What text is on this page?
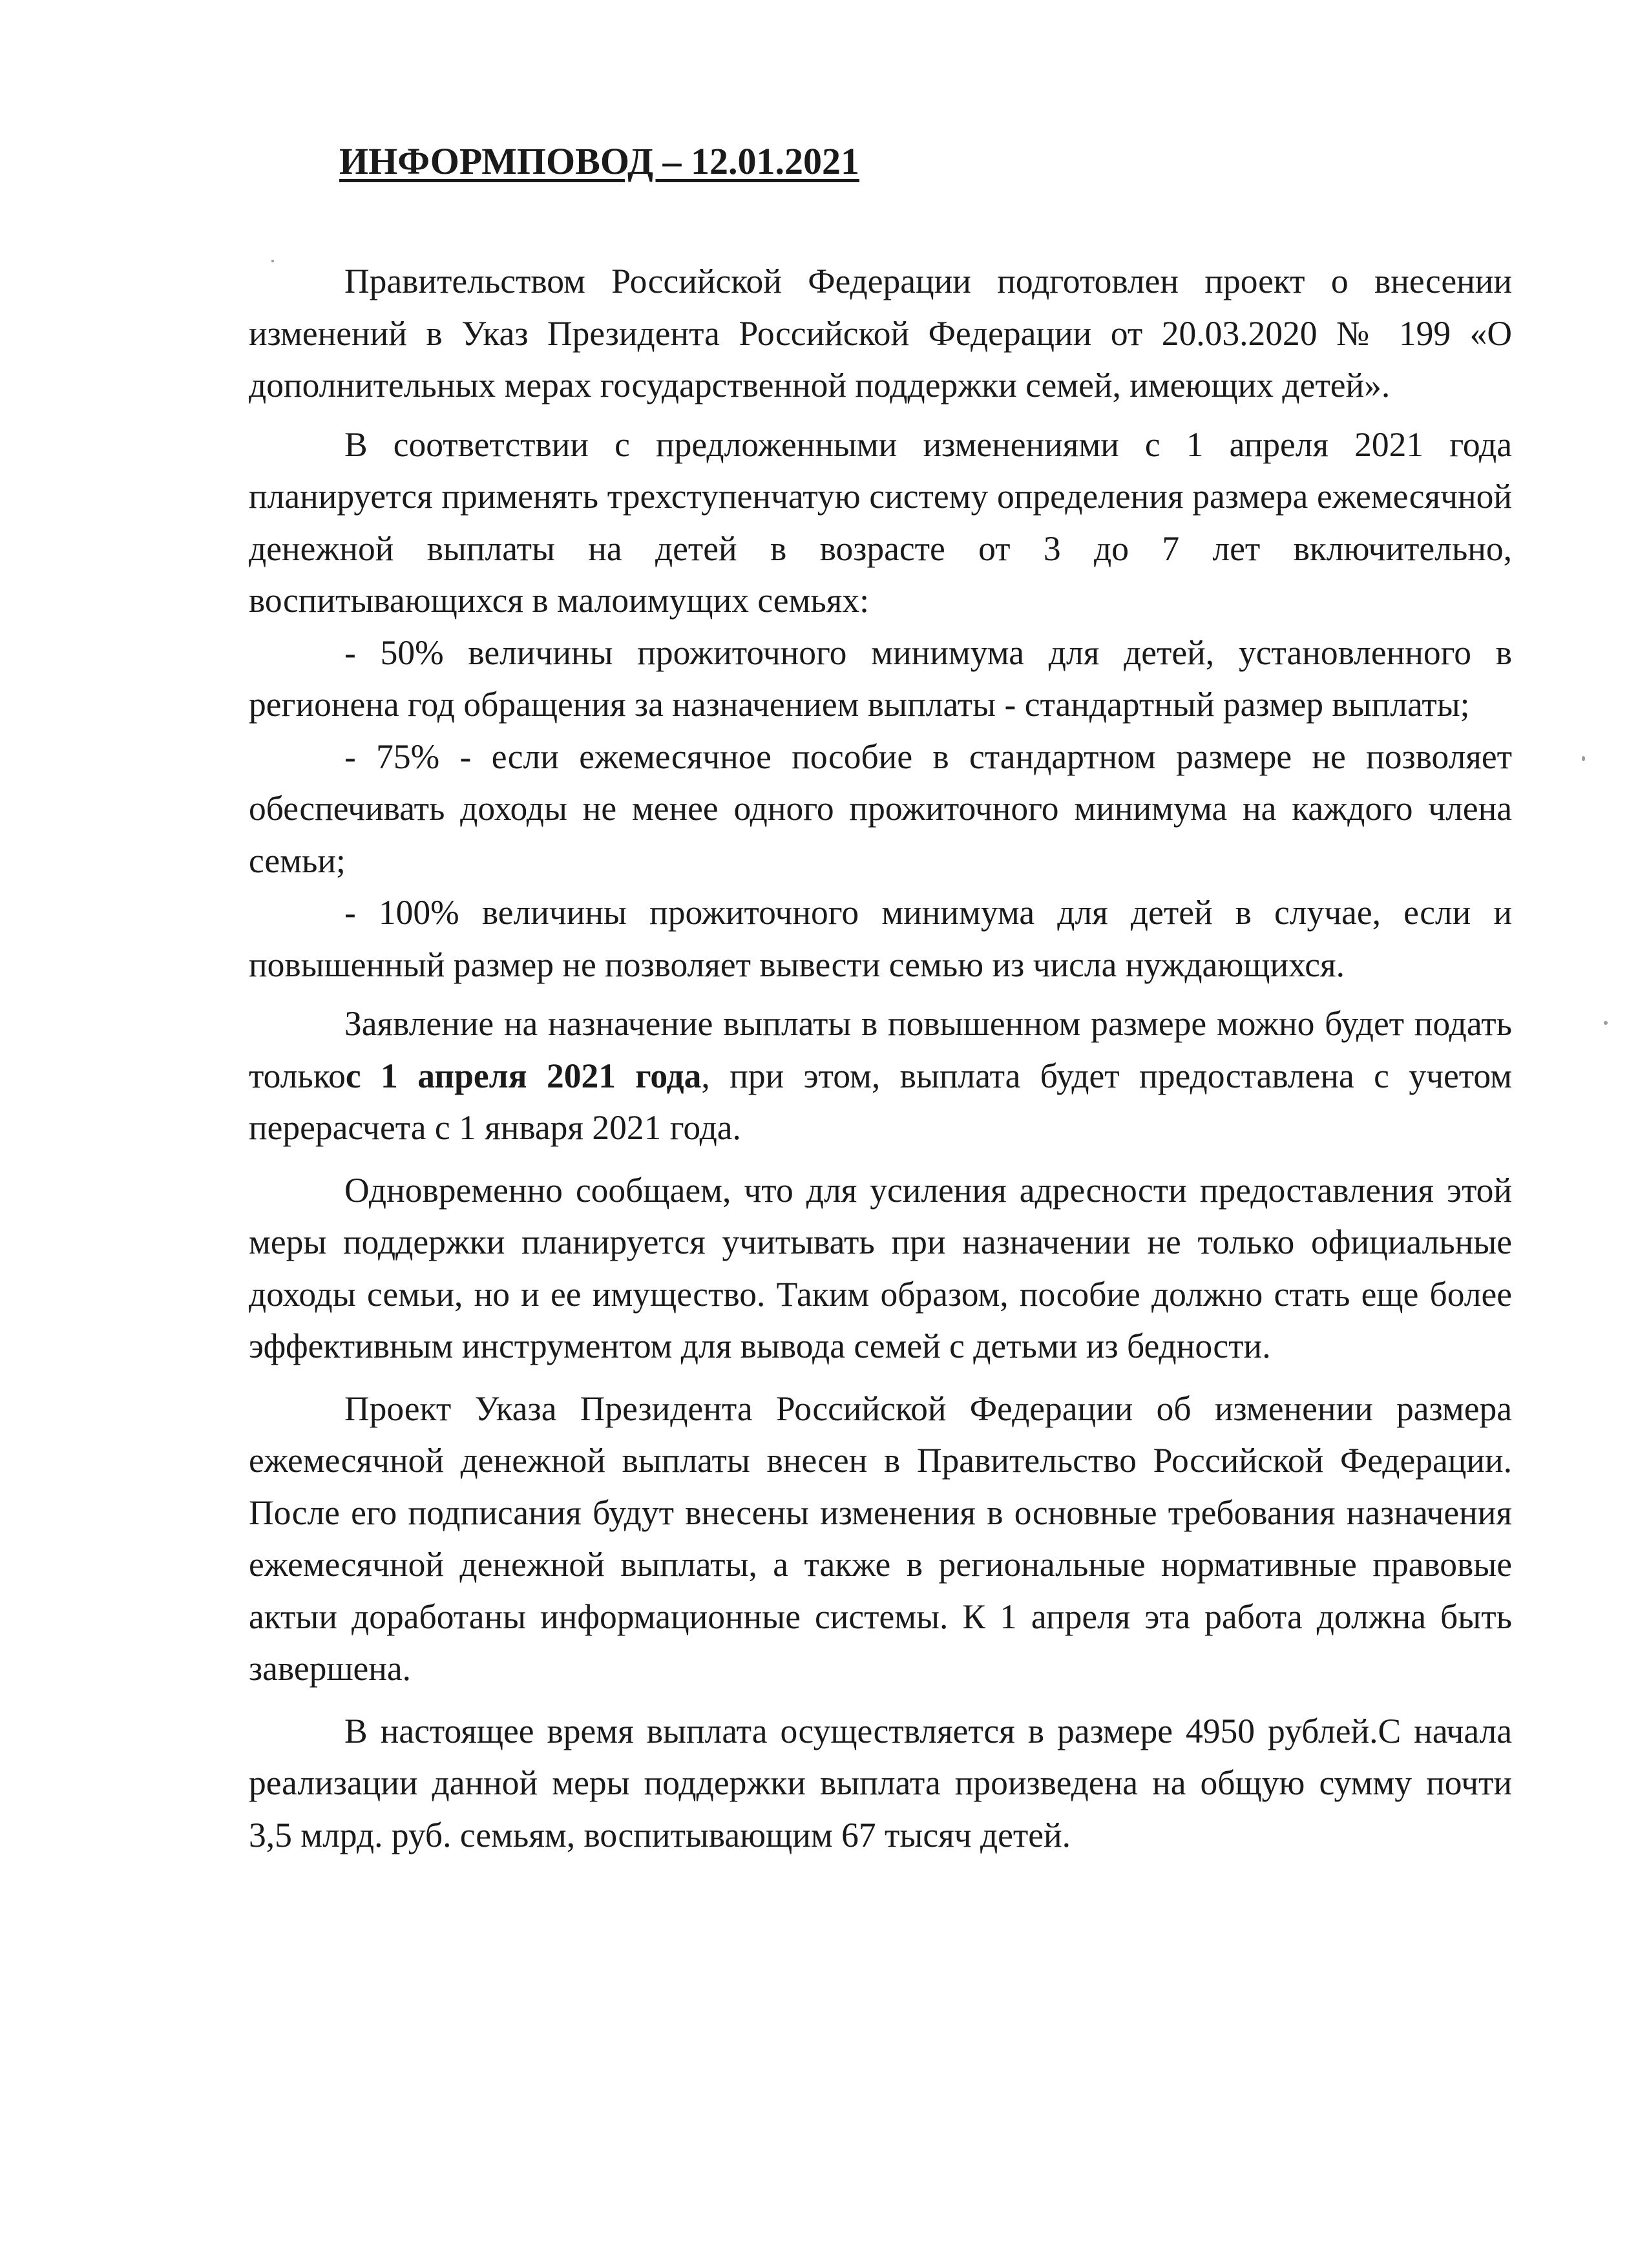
ИНФОРМПОВОД – 12.01.2021

Правительством Российской Федерации подготовлен проект о внесении изменений в Указ Президента Российской Федерации от 20.03.2020 № 199 «О дополнительных мерах государственной поддержки семей, имеющих детей».

В соответствии с предложенными изменениями с 1 апреля 2021 года планируется применять трехступенчатую систему определения размера ежемесячной денежной выплаты на детей в возрасте от 3 до 7 лет включительно, воспитывающихся в малоимущих семьях:

- 50% величины прожиточного минимума для детей, установленного в регионена год обращения за назначением выплаты - стандартный размер выплаты;

- 75% - если ежемесячное пособие в стандартном размере не позволяет обеспечивать доходы не менее одного прожиточного минимума на каждого члена семьи;

- 100% величины прожиточного минимума для детей в случае, если и повышенный размер не позволяет вывести семью из числа нуждающихся.

Заявление на назначение выплаты в повышенном размере можно будет подать толькос 1 апреля 2021 года, при этом, выплата будет предоставлена с учетом перерасчета с 1 января 2021 года.

Одновременно сообщаем, что для усиления адресности предоставления этой меры поддержки планируется учитывать при назначении не только официальные доходы семьи, но и ее имущество. Таким образом, пособие должно стать еще более эффективным инструментом для вывода семей с детьми из бедности.

Проект Указа Президента Российской Федерации об изменении размера ежемесячной денежной выплаты внесен в Правительство Российской Федерации. После его подписания будут внесены изменения в основные требования назначения ежемесячной денежной выплаты, а также в региональные нормативные правовые актыи доработаны информационные системы. К 1 апреля эта работа должна быть завершена.

В настоящее время выплата осуществляется в размере 4950 рублей.С начала реализации данной меры поддержки выплата произведена на общую сумму почти 3,5 млрд. руб. семьям, воспитывающим 67 тысяч детей.
